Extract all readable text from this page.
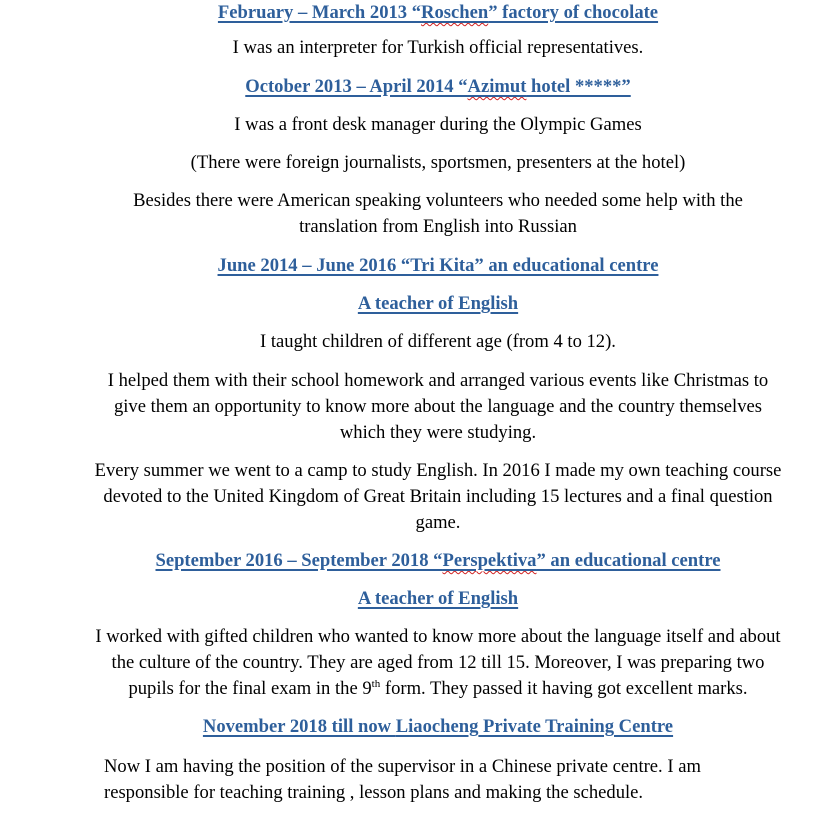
February – March 2013 “Roschen” factory of chocolate
I was an interpreter for Turkish official representatives.
October 2013 – April 2014 “Azimut hotel *****”
I was a front desk manager during the Olympic Games
(There were foreign journalists, sportsmen, presenters at the hotel)
Besides there were American speaking volunteers who needed some help with the
translation from English into Russian
June 2014 – June 2016 “Tri Kita” an educational centre
A teacher of English
I taught children of different age (from 4 to 12).
I helped them with their school homework and arranged various events like Christmas to
give them an opportunity to know more about the language and the country themselves
which they were studying.
Every summer we went to a camp to study English. In 2016 I made my own teaching course
devoted to the United Kingdom of Great Britain including 15 lectures and a final question
game.
September 2016 – September 2018 “Perspektiva” an educational centre
A teacher of English
I worked with gifted children who wanted to know more about the language itself and about
the culture of the country. They are aged from 12 till 15. Moreover, I was preparing two
pupils for the final exam in the 9th form. They passed it having got excellent marks.
November 2018 till now Liaocheng Private Training Centre
Now I am having the position of the supervisor in a Chinese private centre. I am
responsible for teaching training , lesson plans and making the schedule.
